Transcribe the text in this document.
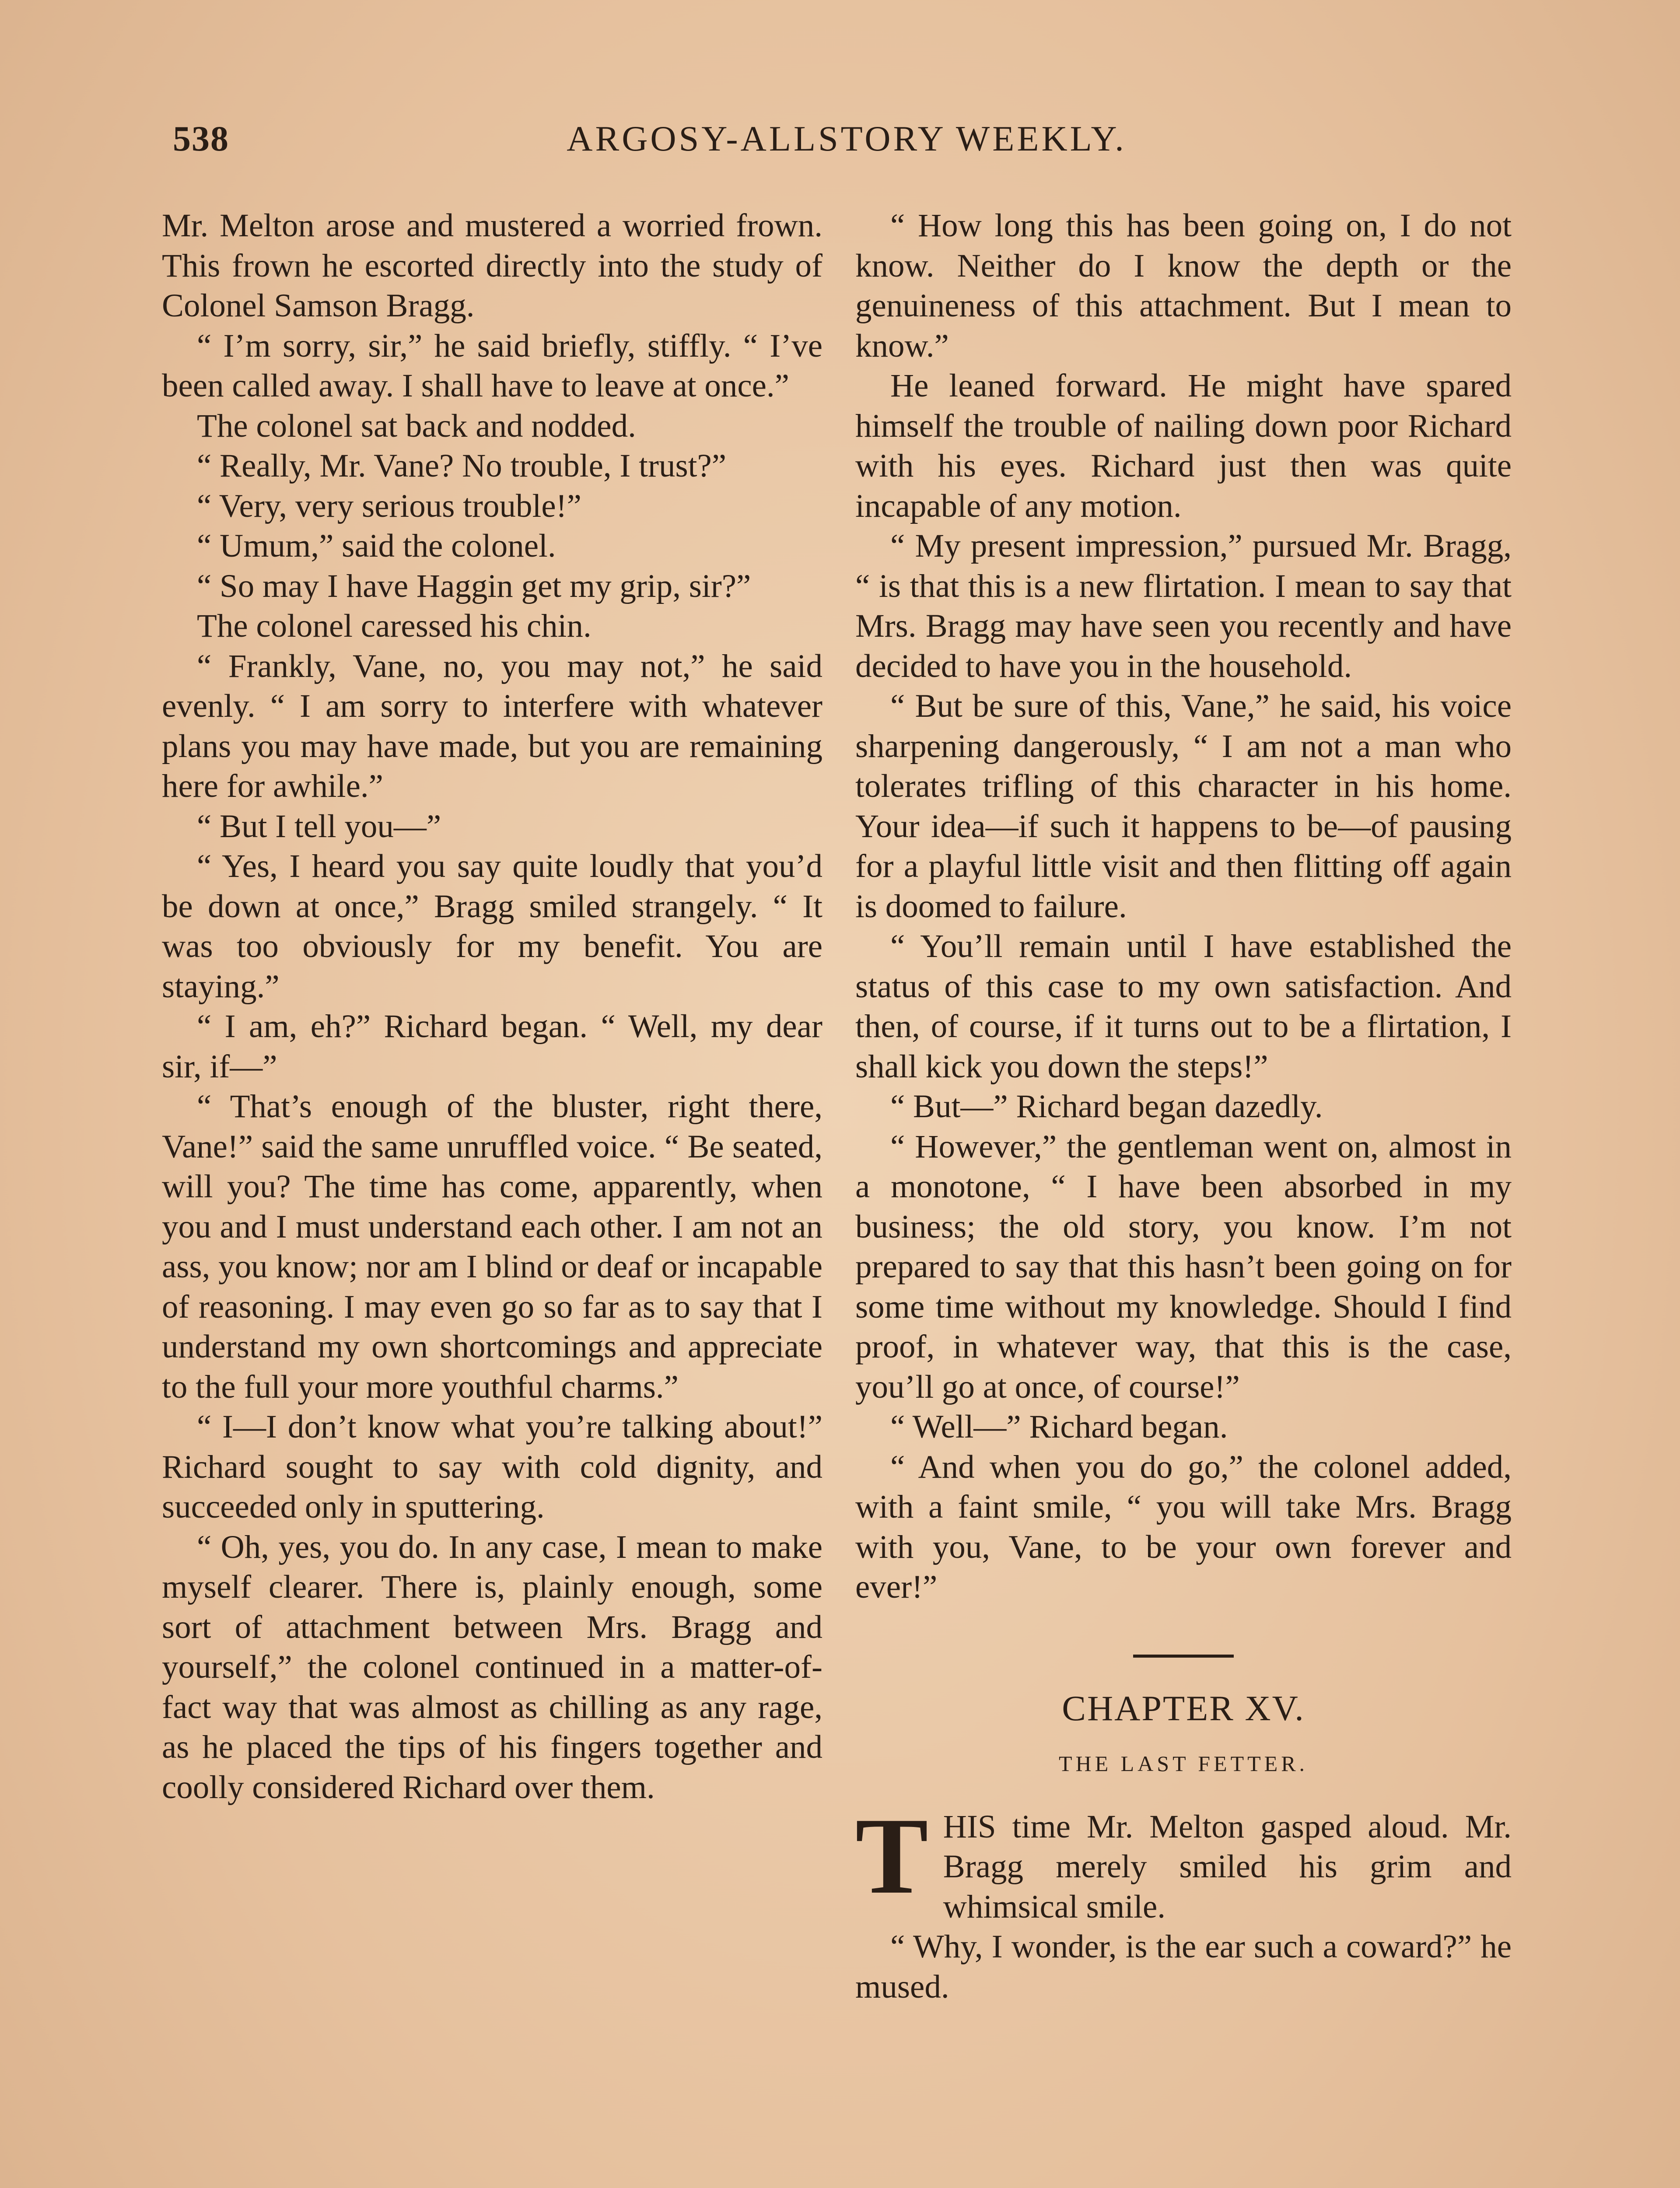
538	ARGOSY-ALLSTORY WEEKLY.

Mr. Melton arose and mustered a worried frown. This frown he escorted directly into the study of Colonel Samson Bragg.

“ I’m sorry, sir,” he said briefly, stiffly. “ I’ve been called away. I shall have to leave at once.”

The colonel sat back and nodded.

“ Really, Mr. Vane? No trouble, I trust?”

“ Very, very serious trouble!”

“ Umum,” said the colonel.

“ So may I have Haggin get my grip, sir?”

The colonel caressed his chin.

“ Frankly, Vane, no, you may not,” he said evenly. “ I am sorry to interfere with whatever plans you may have made, but you are remaining here for awhile.”

“ But I tell you—”

“ Yes, I heard you say quite loudly that you’d be down at once,” Bragg smiled strangely. “ It was too obviously for my benefit. You are staying.”

“ I am, eh?” Richard began. “ Well, my dear sir, if—”

“ That’s enough of the bluster, right there, Vane!” said the same unruffled voice. “ Be seated, will you? The time has come, apparently, when you and I must understand each other. I am not an ass, you know; nor am I blind or deaf or incapable of reasoning. I may even go so far as to say that I understand my own shortcomings and appreciate to the full your more youthful charms.”

“ I—I don’t know what you’re talking about!” Richard sought to say with cold dignity, and succeeded only in sputtering.

“ Oh, yes, you do. In any case, I mean to make myself clearer. There is, plainly enough, some sort of attachment between Mrs. Bragg and yourself,” the colonel continued in a matter-of-fact way that was almost as chilling as any rage, as he placed the tips of his fingers together and coolly considered Richard over them.

“ How long this has been going on, I do not know. Neither do I know the depth or the genuineness of this attachment. But I mean to know.”

He leaned forward. He might have spared himself the trouble of nailing down poor Richard with his eyes. Richard just then was quite incapable of any motion.

“ My present impression,” pursued Mr. Bragg, “ is that this is a new flirtation. I mean to say that Mrs. Bragg may have seen you recently and have decided to have you in the household.

“ But be sure of this, Vane,” he said, his voice sharpening dangerously, “ I am not a man who tolerates trifling of this character in his home. Your idea—if such it happens to be—of pausing for a playful little visit and then flitting off again is doomed to failure.

“ You’ll remain until I have established the status of this case to my own satisfaction. And then, of course, if it turns out to be a flirtation, I shall kick you down the steps!”

“ But—” Richard began dazedly.

“ However,” the gentleman went on, almost in a monotone, “ I have been absorbed in my business; the old story, you know. I’m not prepared to say that this hasn’t been going on for some time without my knowledge. Should I find proof, in whatever way, that this is the case, you’ll go at once, of course!”

“ Well—” Richard began.

“ And when you do go,” the colonel added, with a faint smile, “ you will take Mrs. Bragg with you, Vane, to be your own forever and ever!”

CHAPTER XV.
THE LAST FETTER.

THIS time Mr. Melton gasped aloud. Mr. Bragg merely smiled his grim and whimsical smile.

“ Why, I wonder, is the ear such a coward?” he mused.
